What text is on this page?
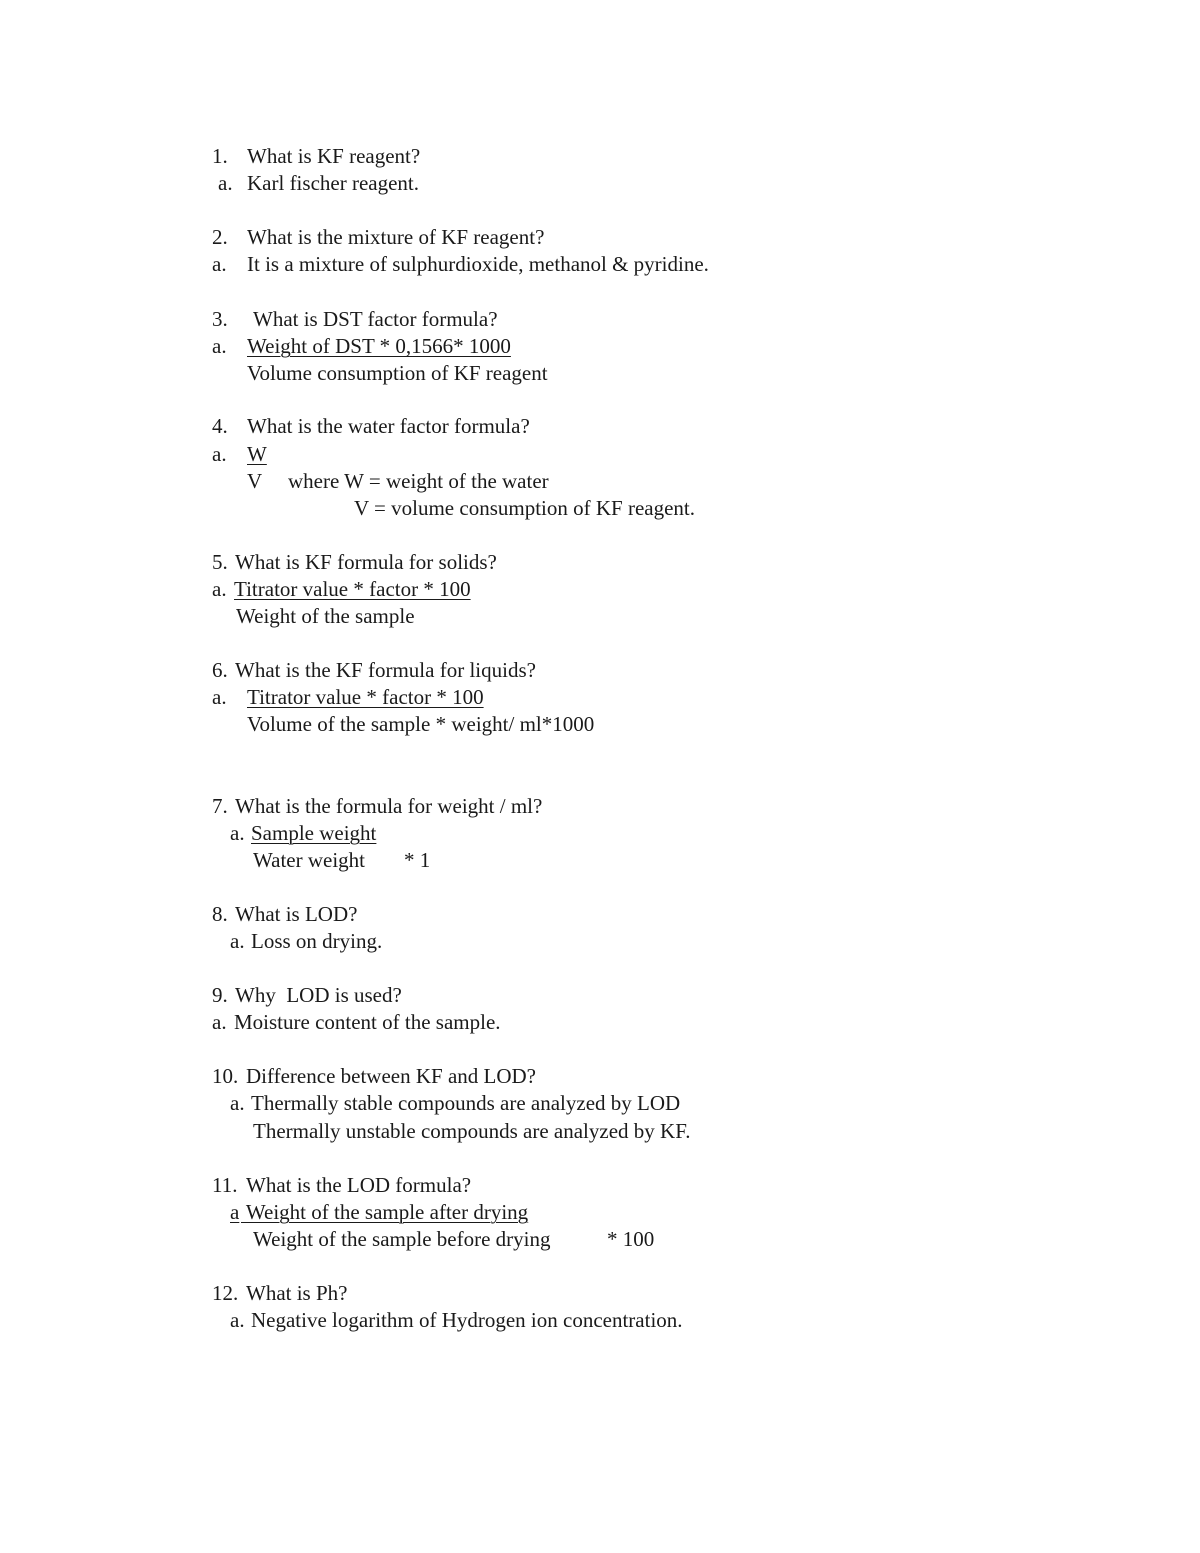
1. What is KF reagent?
a. Karl fischer reagent.
2. What is the mixture of KF reagent?
a. It is a mixture of sulphurdioxide, methanol & pyridine.
3. What is DST factor formula?
a. Weight of DST * 0,1566* 1000
Volume consumption of KF reagent
4. What is the water factor formula?
a. W
V where W = weight of the water
V = volume consumption of KF reagent.
5. What is KF formula for solids?
a. Titrator value * factor * 100
Weight of the sample
6. What is the KF formula for liquids?
a. Titrator value * factor * 100
Volume of the sample * weight/ ml*1000
7. What is the formula for weight / ml?
a. Sample weight
Water weight * 1
8. What is LOD?
a. Loss on drying.
9. Why  LOD is used?
a. Moisture content of the sample.
10. Difference between KF and LOD?
a. Thermally stable compounds are analyzed by LOD
Thermally unstable compounds are analyzed by KF.
11. What is the LOD formula?
a Weight of the sample after drying
Weight of the sample before drying	* 100
12. What is Ph?
a. Negative logarithm of Hydrogen ion concentration.
